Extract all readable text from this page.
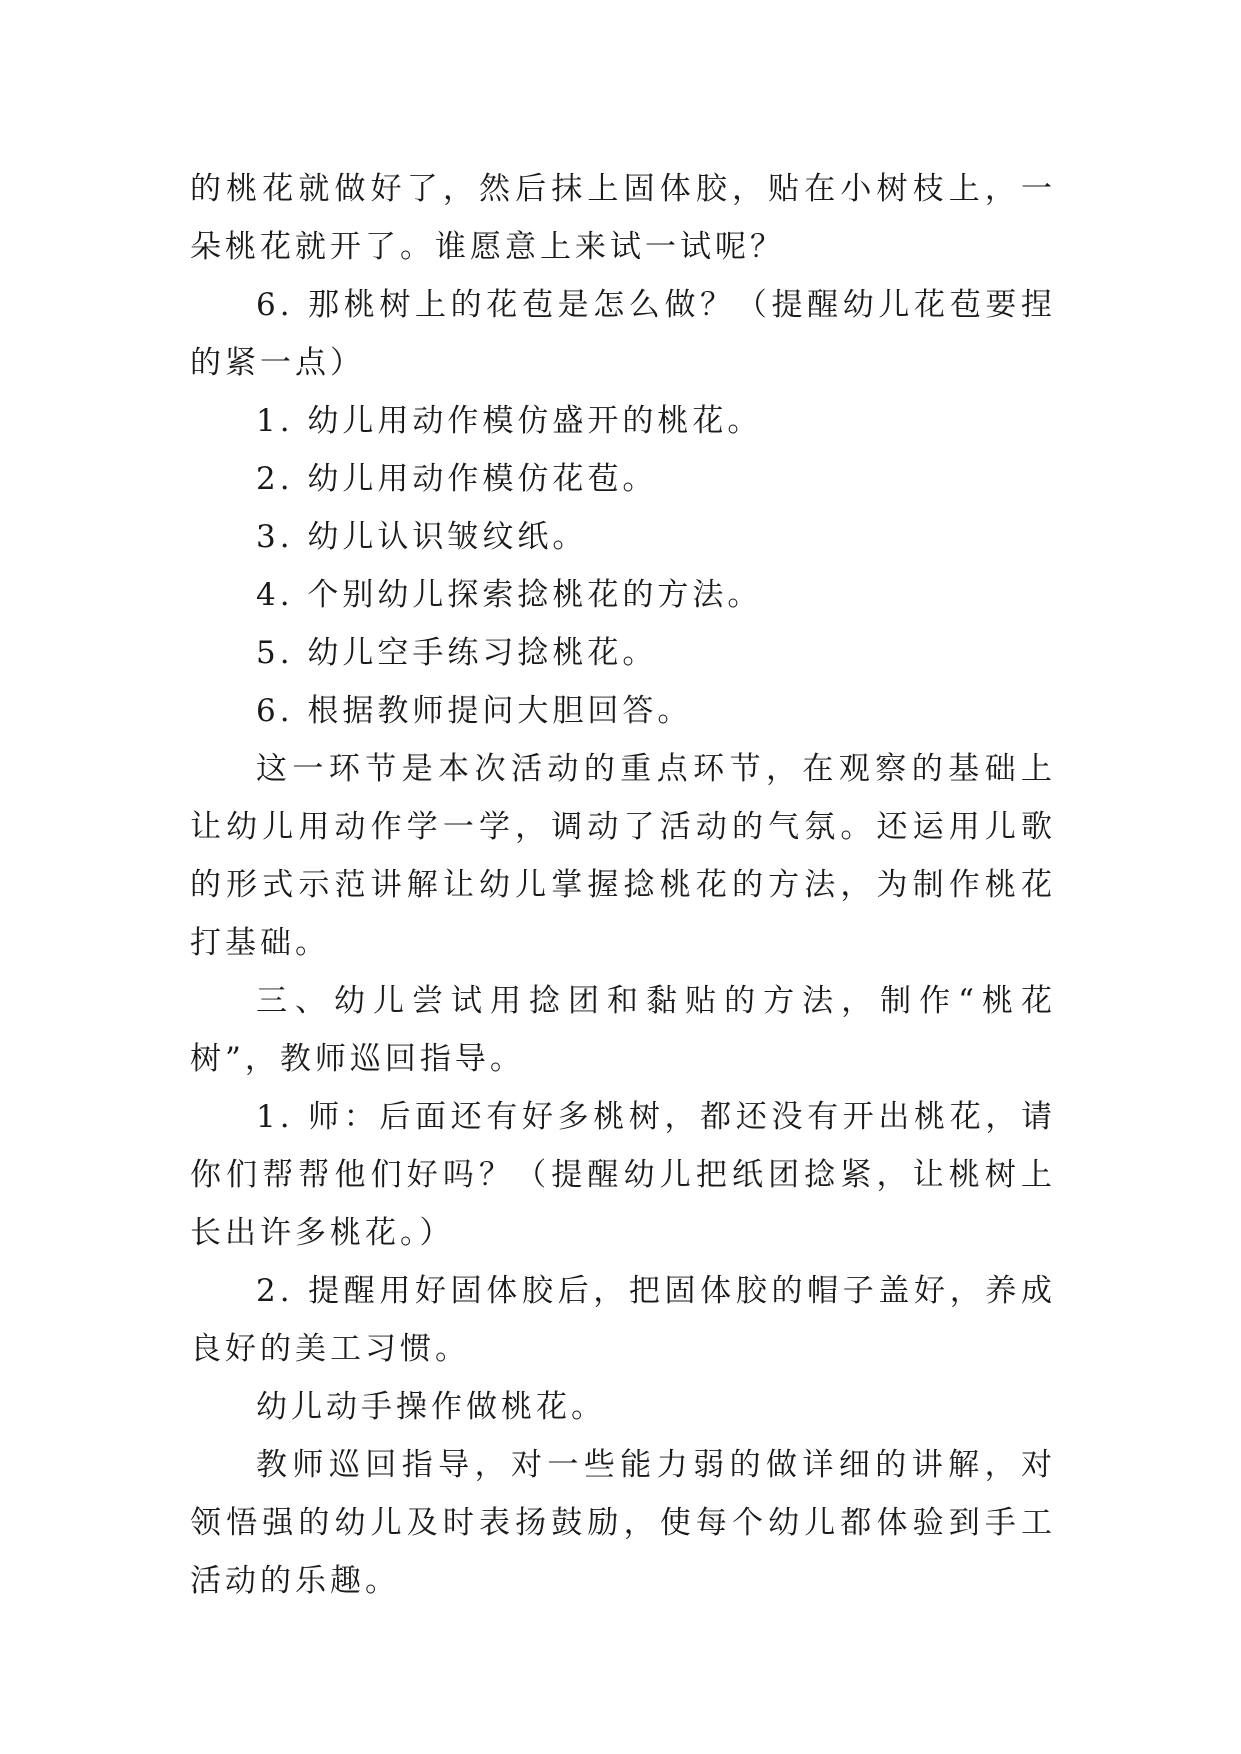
的桃花就做好了，然后抹上固体胶，贴在小树枝上，一朵桃花就开了。谁愿意上来试一试呢？

6. 那桃树上的花苞是怎么做？（提醒幼儿花苞要捏的紧一点）

1. 幼儿用动作模仿盛开的桃花。

2. 幼儿用动作模仿花苞。

3. 幼儿认识皱纹纸。

4. 个别幼儿探索捻桃花的方法。

5. 幼儿空手练习捻桃花。

6. 根据教师提问大胆回答。

这一环节是本次活动的重点环节，在观察的基础上让幼儿用动作学一学，调动了活动的气氛。还运用儿歌的形式示范讲解让幼儿掌握捻桃花的方法，为制作桃花打基础。

三、幼儿尝试用捻团和黏贴的方法，制作“桃花树”，教师巡回指导。

1. 师：后面还有好多桃树，都还没有开出桃花，请你们帮帮他们好吗？（提醒幼儿把纸团捻紧，让桃树上长出许多桃花。）

2. 提醒用好固体胶后，把固体胶的帽子盖好，养成良好的美工习惯。

幼儿动手操作做桃花。

教师巡回指导，对一些能力弱的做详细的讲解，对领悟强的幼儿及时表扬鼓励，使每个幼儿都体验到手工活动的乐趣。
